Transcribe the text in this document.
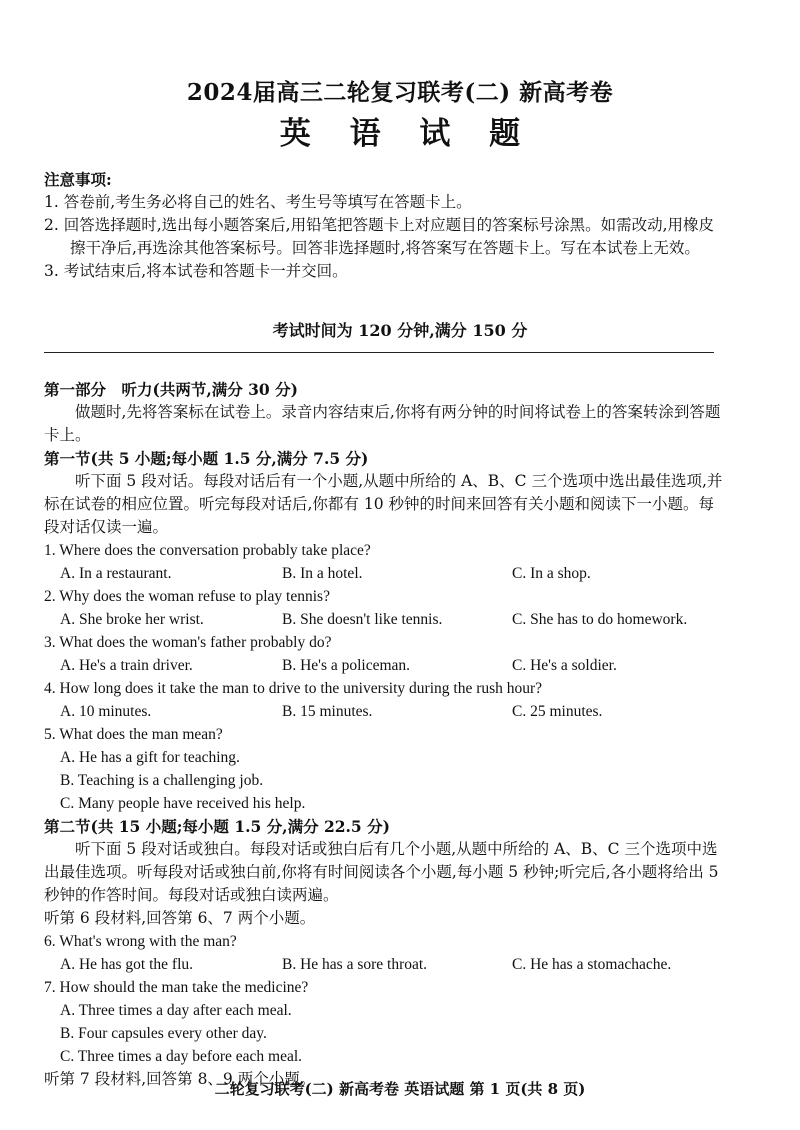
2024届高三二轮复习联考(二) 新高考卷
英 语 试 题
注意事项:
1. 答卷前,考生务必将自己的姓名、考生号等填写在答题卡上。
2. 回答选择题时,选出每小题答案后,用铅笔把答题卡上对应题目的答案标号涂黑。如需改动,用橡皮擦干净后,再选涂其他答案标号。回答非选择题时,将答案写在答题卡上。写在本试卷上无效。
3. 考试结束后,将本试卷和答题卡一并交回。
考试时间为 120 分钟,满分 150 分
第一部分　听力(共两节,满分 30 分)
做题时,先将答案标在试卷上。录音内容结束后,你将有两分钟的时间将试卷上的答案转涂到答题卡上。
第一节(共 5 小题;每小题 1.5 分,满分 7.5 分)
听下面 5 段对话。每段对话后有一个小题,从题中所给的 A、B、C 三个选项中选出最佳选项,并标在试卷的相应位置。听完每段对话后,你都有 10 秒钟的时间来回答有关小题和阅读下一小题。每段对话仅读一遍。
1. Where does the conversation probably take place?
A. In a restaurant.	B. In a hotel.	C. In a shop.
2. Why does the woman refuse to play tennis?
A. She broke her wrist.	B. She doesn't like tennis.	C. She has to do homework.
3. What does the woman's father probably do?
A. He's a train driver.	B. He's a policeman.	C. He's a soldier.
4. How long does it take the man to drive to the university during the rush hour?
A. 10 minutes.	B. 15 minutes.	C. 25 minutes.
5. What does the man mean?
A. He has a gift for teaching.
B. Teaching is a challenging job.
C. Many people have received his help.
第二节(共 15 小题;每小题 1.5 分,满分 22.5 分)
听下面 5 段对话或独白。每段对话或独白后有几个小题,从题中所给的 A、B、C 三个选项中选出最佳选项。听每段对话或独白前,你将有时间阅读各个小题,每小题 5 秒钟;听完后,各小题将给出 5 秒钟的作答时间。每段对话或独白读两遍。
听第 6 段材料,回答第 6、7 两个小题。
6. What's wrong with the man?
A. He has got the flu.	B. He has a sore throat.	C. He has a stomachache.
7. How should the man take the medicine?
A. Three times a day after each meal.
B. Four capsules every other day.
C. Three times a day before each meal.
听第 7 段材料,回答第 8、9 两个小题。
二轮复习联考(二) 新高考卷 英语试题 第 1 页(共 8 页)
